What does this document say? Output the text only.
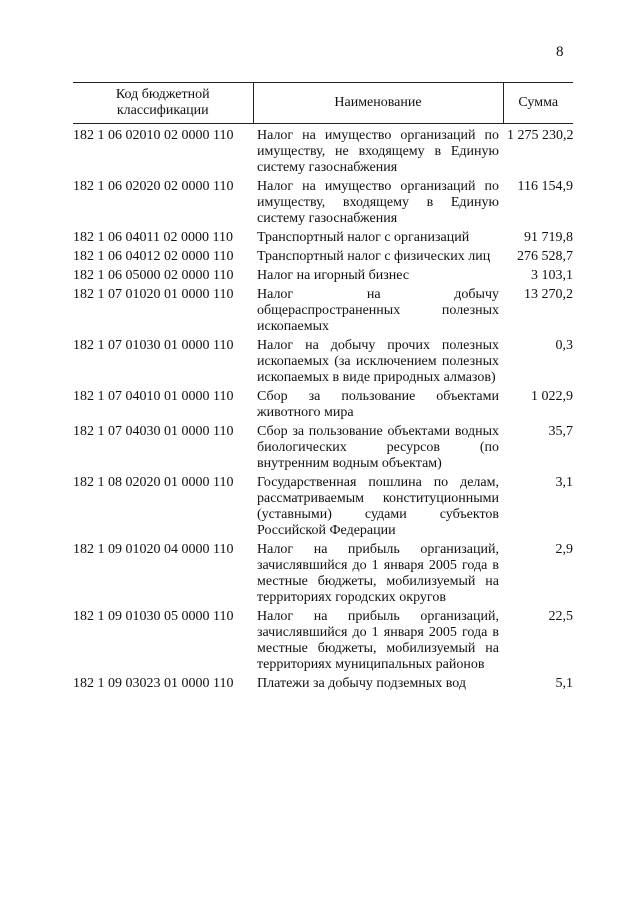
8
Код бюджетной классификации	Наименование	Сумма
182 1 06 02010 02 0000 110	Налог на имущество организаций по имуществу, не входящему в Единую систему газоснабжения	1 275 230,2
182 1 06 02020 02 0000 110	Налог на имущество организаций по имуществу, входящему в Единую систему газоснабжения	116 154,9
182 1 06 04011 02 0000 110	Транспортный налог с организаций	91 719,8
182 1 06 04012 02 0000 110	Транспортный налог с физических лиц	276 528,7
182 1 06 05000 02 0000 110	Налог на игорный бизнес	3 103,1
182 1 07 01020 01 0000 110	Налог на добычу общераспространенных полезных ископаемых	13 270,2
182 1 07 01030 01 0000 110	Налог на добычу прочих полезных ископаемых (за исключением полезных ископаемых в виде природных алмазов)	0,3
182 1 07 04010 01 0000 110	Сбор за пользование объектами животного мира	1 022,9
182 1 07 04030 01 0000 110	Сбор за пользование объектами водных биологических ресурсов (по внутренним водным объектам)	35,7
182 1 08 02020 01 0000 110	Государственная пошлина по делам, рассматриваемым конституционными (уставными) судами субъектов Российской Федерации	3,1
182 1 09 01020 04 0000 110	Налог на прибыль организаций, зачислявшийся до 1 января 2005 года в местные бюджеты, мобилизуемый на территориях городских округов	2,9
182 1 09 01030 05 0000 110	Налог на прибыль организаций, зачислявшийся до 1 января 2005 года в местные бюджеты, мобилизуемый на территориях муниципальных районов	22,5
182 1 09 03023 01 0000 110	Платежи за добычу подземных вод	5,1
